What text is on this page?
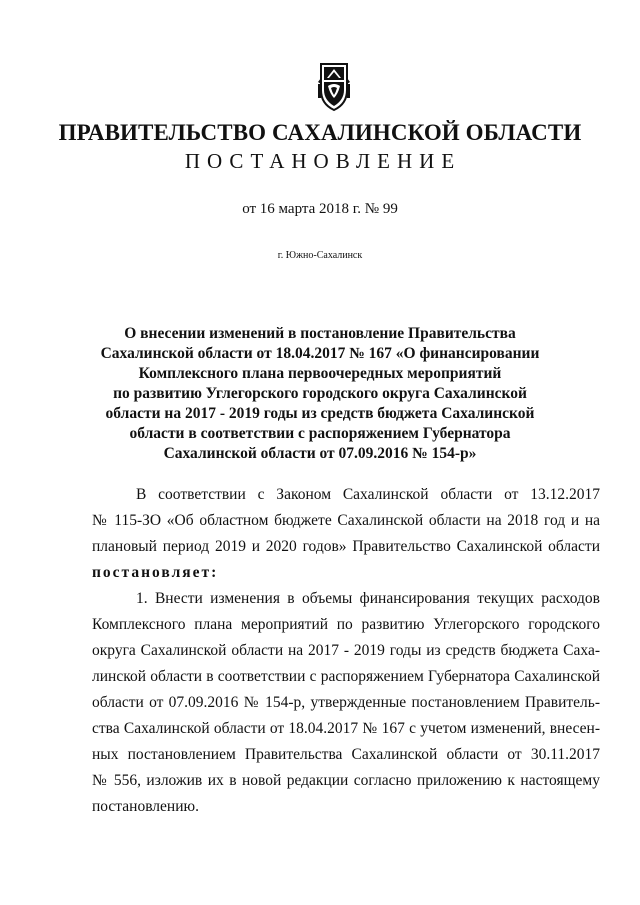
ПРАВИТЕЛЬСТВО САХАЛИНСКОЙ ОБЛАСТИ
ПОСТАНОВЛЕНИЕ
от 16 марта 2018 г. № 99
г. Южно-Сахалинск
О внесении изменений в постановление Правительства
Сахалинской области от 18.04.2017 № 167 «О финансировании
Комплексного плана первоочередных мероприятий
по развитию Углегорского городского округа Сахалинской
области на 2017 - 2019 годы из средств бюджета Сахалинской
области в соответствии с распоряжением Губернатора
Сахалинской области от 07.09.2016 № 154-р»
В соответствии с Законом Сахалинской области от 13.12.2017
№ 115-ЗО «Об областном бюджете Сахалинской области на 2018 год и на
плановый период 2019 и 2020 годов» Правительство Сахалинской области
постановляет:
1. Внести изменения в объемы финансирования текущих расходов
Комплексного плана мероприятий по развитию Углегорского городского
округа Сахалинской области на 2017 - 2019 годы из средств бюджета Саха-
линской области в соответствии с распоряжением Губернатора Сахалинской
области от 07.09.2016 № 154-р, утвержденные постановлением Правитель-
ства Сахалинской области от 18.04.2017 № 167 с учетом изменений, внесен-
ных постановлением Правительства Сахалинской области от 30.11.2017
№ 556, изложив их в новой редакции согласно приложению к настоящему
постановлению.
